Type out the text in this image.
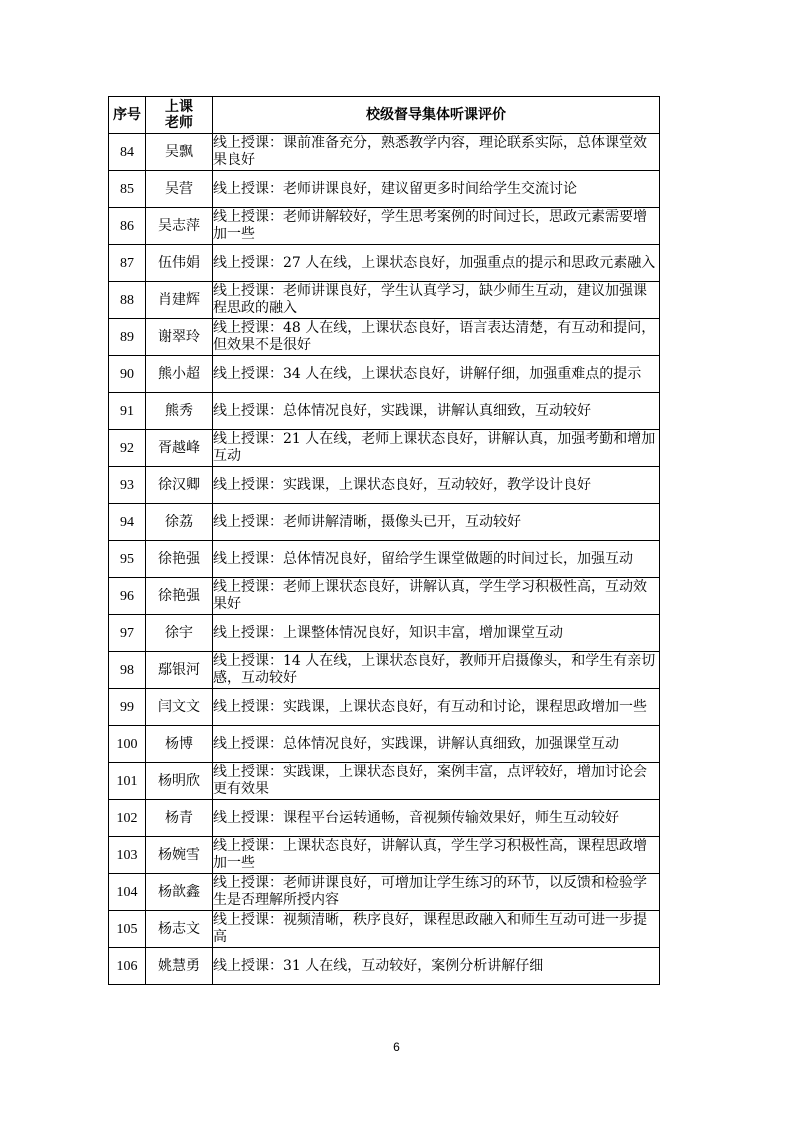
序号	上课老师	校级督导集体听课评价
84	吴飘	线上授课：课前准备充分，熟悉教学内容，理论联系实际，总体课堂效果良好
85	吴营	线上授课：老师讲课良好，建议留更多时间给学生交流讨论
86	吴志萍	线上授课：老师讲解较好，学生思考案例的时间过长，思政元素需要增加一些
87	伍伟娟	线上授课：27 人在线，上课状态良好，加强重点的提示和思政元素融入
88	肖建辉	线上授课：老师讲课良好，学生认真学习，缺少师生互动，建议加强课程思政的融入
89	谢翠玲	线上授课：48 人在线，上课状态良好，语言表达清楚，有互动和提问，但效果不是很好
90	熊小超	线上授课：34 人在线，上课状态良好，讲解仔细，加强重难点的提示
91	熊秀	线上授课：总体情况良好，实践课，讲解认真细致，互动较好
92	胥越峰	线上授课：21 人在线，老师上课状态良好，讲解认真，加强考勤和增加互动
93	徐汉卿	线上授课：实践课，上课状态良好，互动较好，教学设计良好
94	徐荔	线上授课：老师讲解清晰，摄像头已开，互动较好
95	徐艳强	线上授课：总体情况良好，留给学生课堂做题的时间过长，加强互动
96	徐艳强	线上授课：老师上课状态良好，讲解认真，学生学习积极性高，互动效果好
97	徐宇	线上授课：上课整体情况良好，知识丰富，增加课堂互动
98	鄢银河	线上授课：14 人在线，上课状态良好，教师开启摄像头，和学生有亲切感，互动较好
99	闫文文	线上授课：实践课，上课状态良好，有互动和讨论，课程思政增加一些
100	杨博	线上授课：总体情况良好，实践课，讲解认真细致，加强课堂互动
101	杨明欣	线上授课：实践课，上课状态良好，案例丰富，点评较好，增加讨论会更有效果
102	杨青	线上授课：课程平台运转通畅，音视频传输效果好，师生互动较好
103	杨婉雪	线上授课：上课状态良好，讲解认真，学生学习积极性高，课程思政增加一些
104	杨歆鑫	线上授课：老师讲课良好，可增加让学生练习的环节，以反馈和检验学生是否理解所授内容
105	杨志文	线上授课：视频清晰，秩序良好，课程思政融入和师生互动可进一步提高
106	姚慧勇	线上授课：31 人在线，互动较好，案例分析讲解仔细
6
